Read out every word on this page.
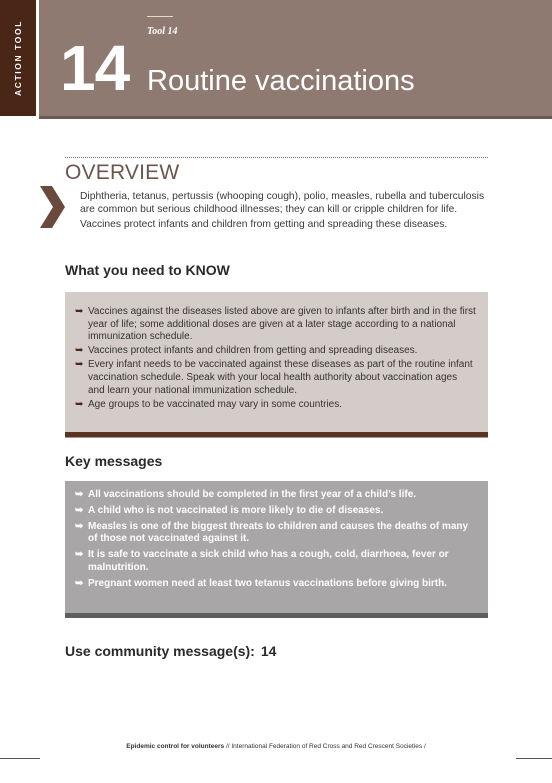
ACTION TOOL	Tool 14
14 Routine vaccinations
OVERVIEW

Diphtheria, tetanus, pertussis (whooping cough), polio, measles, rubella and tuberculosis are common but serious childhood illnesses; they can kill or cripple children for life.

Vaccines protect infants and children from getting and spreading these diseases.

What you need to KNOW
➥ Vaccines against the diseases listed above are given to infants after birth and in the first year of life; some additional doses are given at a later stage according to a national immunization schedule.
➥ Vaccines protect infants and children from getting and spreading diseases.
➥ Every infant needs to be vaccinated against these diseases as part of the routine infant vaccination schedule. Speak with your local health authority about vaccination ages and learn your national immunization schedule.
➥ Age groups to be vaccinated may vary in some countries.
Key messages
➥ All vaccinations should be completed in the first year of a child’s life.
➥ A child who is not vaccinated is more likely to die of diseases.
➥ Measles is one of the biggest threats to children and causes the deaths of many of those not vaccinated against it.
➥ It is safe to vaccinate a sick child who has a cough, cold, diarrhoea, fever or malnutrition.
➥ Pregnant women need at least two tetanus vaccinations before giving birth.
Use community message(s): 14
Epidemic control for volunteers // International Federation of Red Cross and Red Crescent Societies /
